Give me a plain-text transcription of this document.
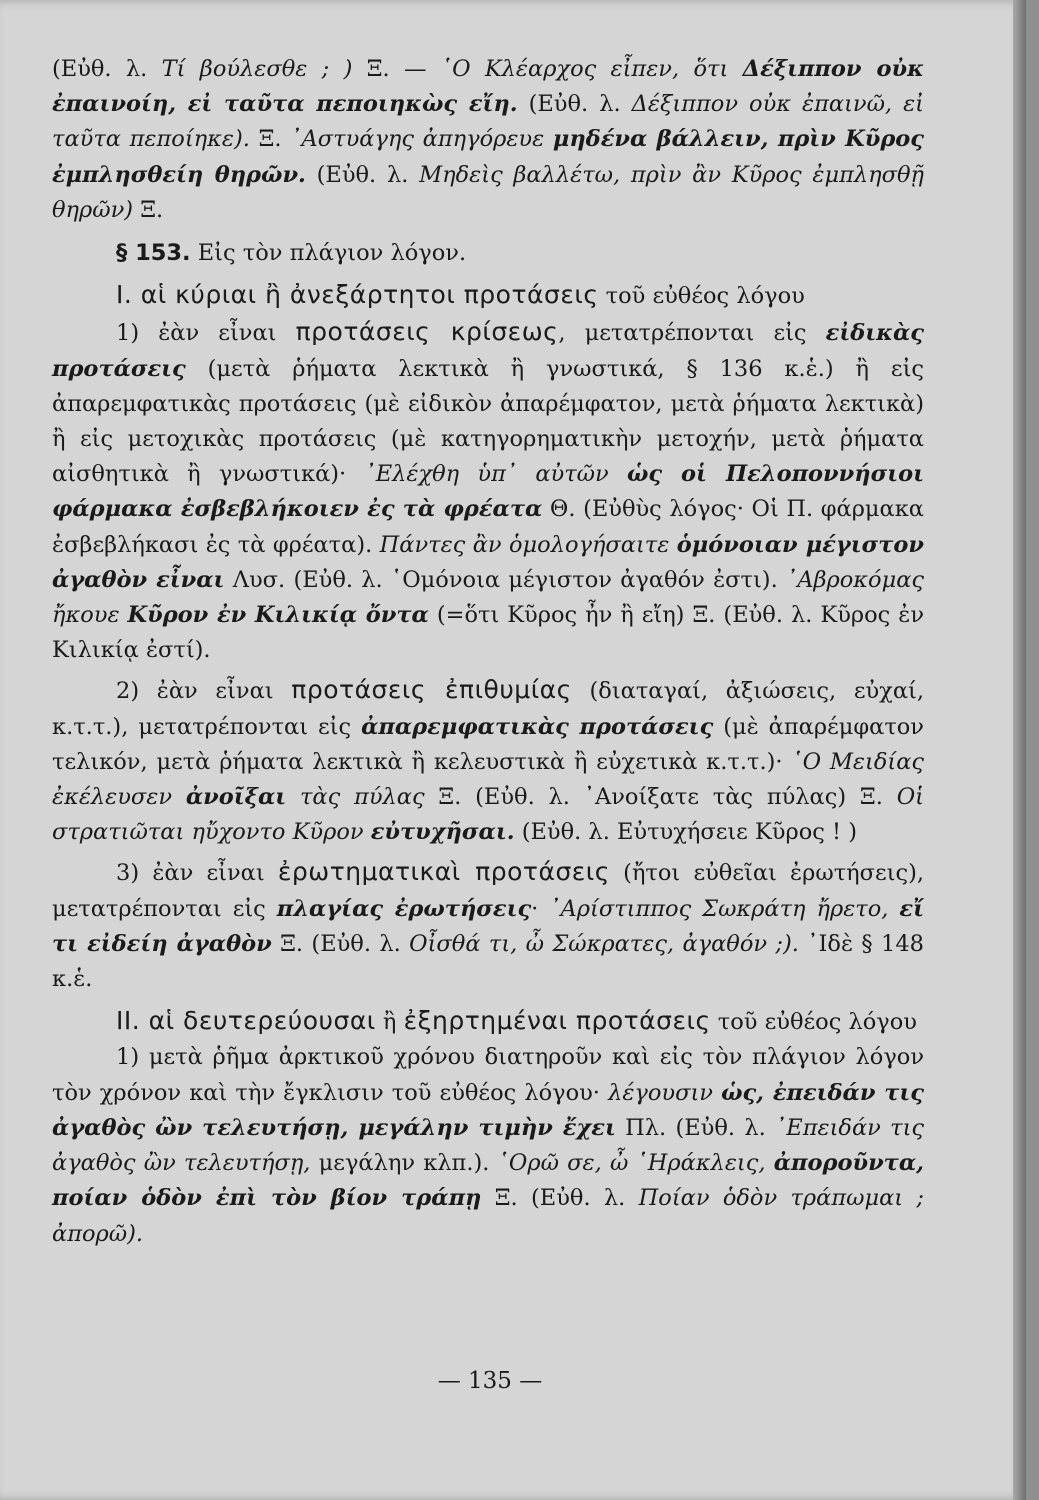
(Εὐθ. λ. Τί βούλεσθε ; ) Ξ. — ῾Ο Κλέαρχος εἶπεν, ὅτι Δέξιππον οὐκ ἐπαινοίη, εἰ ταῦτα πεποιηκὼς εἴη. (Εὐθ. λ. Δέξιππον οὐκ ἐπαινῶ, εἰ ταῦτα πεποίηκε). Ξ. ᾿Αστυάγης ἀπηγόρευε μηδένα βάλλειν, πρὶν Κῦρος ἐμπλησθείη θηρῶν. (Εὐθ. λ. Μηδεὶς βαλλέτω, πρὶν ἂν Κῦρος ἐμπλησθῇ θηρῶν) Ξ.

§ 153. Εἰς τὸν πλάγιον λόγον.

Ι. αἱ κύριαι ἢ ἀνεξάρτητοι προτάσεις τοῦ εὐθέος λόγου

1) ἐὰν εἶναι προτάσεις κρίσεως, μετατρέπονται εἰς εἰδικὰς προτάσεις (μετὰ ῥήματα λεκτικὰ ἢ γνωστικά, § 136 κ.ἑ.) ἢ εἰς ἀπαρεμφατικὰς προτάσεις (μὲ εἰδικὸν ἀπαρέμφατον, μετὰ ῥήματα λεκτικὰ) ἢ εἰς μετοχικὰς προτάσεις (μὲ κατηγορηματικὴν μετοχήν, μετὰ ῥήματα αἰσθητικὰ ἢ γνωστικά)· ᾿Ελέχθη ὑπ᾿ αὐτῶν ὡς οἱ Πελοποννήσιοι φάρμακα ἐσβεβλήκοιεν ἐς τὰ φρέατα Θ. (Εὐθὺς λόγος· Οἱ Π. φάρμακα ἐσβεβλήκασι ἐς τὰ φρέατα). Πάντες ἂν ὁμολογήσαιτε ὁμόνοιαν μέγιστον ἀγαθὸν εἶναι Λυσ. (Εὐθ. λ. ῾Ομόνοια μέγιστον ἀγαθόν ἐστι). ᾿Αβροκόμας ἤκουε Κῦρον ἐν Κιλικίᾳ ὄντα (=ὅτι Κῦρος ἦν ἢ εἴη) Ξ. (Εὐθ. λ. Κῦρος ἐν Κιλικίᾳ ἐστί).

2) ἐὰν εἶναι προτάσεις ἐπιθυμίας (διαταγαί, ἀξιώσεις, εὐχαί, κ.τ.τ.), μετατρέπονται εἰς ἀπαρεμφατικὰς προτάσεις (μὲ ἀπαρέμφατον τελικόν, μετὰ ῥήματα λεκτικὰ ἢ κελευστικὰ ἢ εὐχετικὰ κ.τ.τ.)· ῾Ο Μειδίας ἐκέλευσεν ἀνοῖξαι τὰς πύλας Ξ. (Εὐθ. λ. ᾿Ανοίξατε τὰς πύλας) Ξ. Οἱ στρατιῶται ηὔχοντο Κῦρον εὐτυχῆσαι. (Εὐθ. λ. Εὐτυχήσειε Κῦρος ! )

3) ἐὰν εἶναι ἐρωτηματικαὶ προτάσεις (ἤτοι εὐθεῖαι ἐρωτήσεις), μετατρέπονται εἰς πλαγίας ἐρωτήσεις· ᾿Αρίστιππος Σωκράτη ἤρετο, εἴ τι εἰδείη ἀγαθὸν Ξ. (Εὐθ. λ. Οἶσθά τι, ὦ Σώκρατες, ἀγαθόν ;). ᾿Ιδὲ § 148 κ.ἑ.

ΙΙ. αἱ δευτερεύουσαι ἢ ἐξηρτημέναι προτάσεις τοῦ εὐθέος λόγου

1) μετὰ ῥῆμα ἀρκτικοῦ χρόνου διατηροῦν καὶ εἰς τὸν πλάγιον λόγον τὸν χρόνον καὶ τὴν ἔγκλισιν τοῦ εὐθέος λόγου· λέγουσιν ὡς, ἐπειδάν τις ἀγαθὸς ὢν τελευτήσῃ, μεγάλην τιμὴν ἔχει Πλ. (Εὐθ. λ. ᾿Επειδάν τις ἀγαθὸς ὢν τελευτήσῃ, μεγάλην κλπ.). ῾Ορῶ σε, ὦ ῾Ηράκλεις, ἀποροῦντα, ποίαν ὁδὸν ἐπὶ τὸν βίον τράπῃ Ξ. (Εὐθ. λ. Ποίαν ὁδὸν τράπωμαι ; ἀπορῶ).

— 135 —
